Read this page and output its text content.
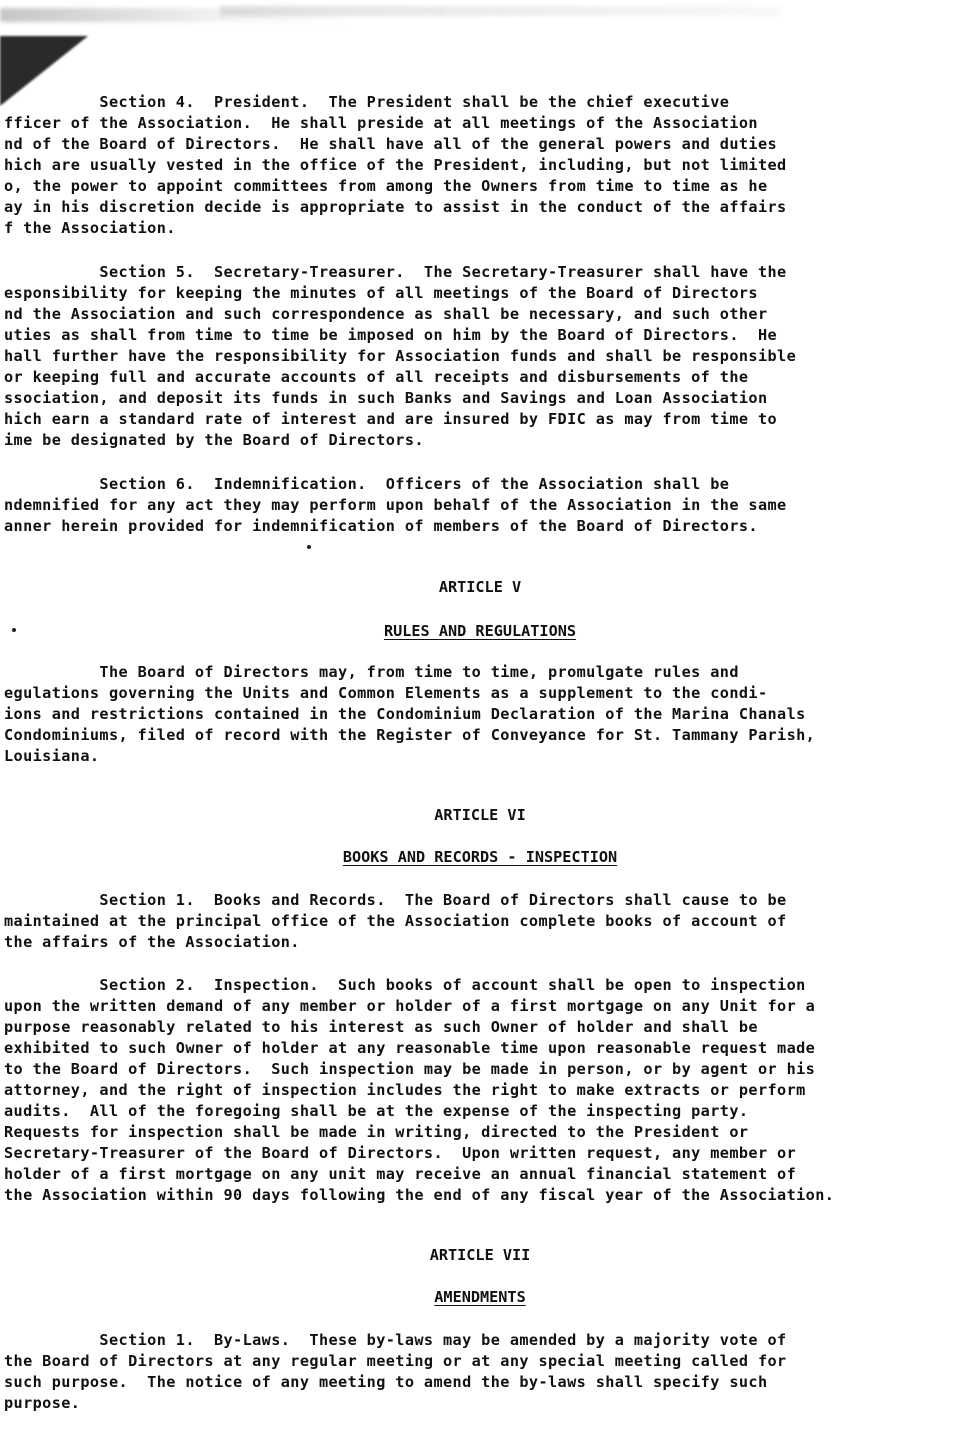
Section 4.  President.  The President shall be the chief executive
fficer of the Association.  He shall preside at all meetings of the Association
nd of the Board of Directors.  He shall have all of the general powers and duties
hich are usually vested in the office of the President, including, but not limited
o, the power to appoint committees from among the Owners from time to time as he
ay in his discretion decide is appropriate to assist in the conduct of the affairs
f the Association.
Section 5.  Secretary-Treasurer.  The Secretary-Treasurer shall have the
esponsibility for keeping the minutes of all meetings of the Board of Directors
nd the Association and such correspondence as shall be necessary, and such other
uties as shall from time to time be imposed on him by the Board of Directors.  He
hall further have the responsibility for Association funds and shall be responsible
or keeping full and accurate accounts of all receipts and disbursements of the
ssociation, and deposit its funds in such Banks and Savings and Loan Association
hich earn a standard rate of interest and are insured by FDIC as may from time to
ime be designated by the Board of Directors.
Section 6.  Indemnification.  Officers of the Association shall be
ndemnified for any act they may perform upon behalf of the Association in the same
anner herein provided for indemnification of members of the Board of Directors.
ARTICLE V
RULES AND REGULATIONS
The Board of Directors may, from time to time, promulgate rules and
egulations governing the Units and Common Elements as a supplement to the condi-
ions and restrictions contained in the Condominium Declaration of the Marina Chanals
Condominiums, filed of record with the Register of Conveyance for St. Tammany Parish,
Louisiana.
ARTICLE VI
BOOKS AND RECORDS - INSPECTION
Section 1.  Books and Records.  The Board of Directors shall cause to be
maintained at the principal office of the Association complete books of account of
the affairs of the Association.
Section 2.  Inspection.  Such books of account shall be open to inspection
upon the written demand of any member or holder of a first mortgage on any Unit for a
purpose reasonably related to his interest as such Owner of holder and shall be
exhibited to such Owner of holder at any reasonable time upon reasonable request made
to the Board of Directors.  Such inspection may be made in person, or by agent or his
attorney, and the right of inspection includes the right to make extracts or perform
audits.  All of the foregoing shall be at the expense of the inspecting party.
Requests for inspection shall be made in writing, directed to the President or
Secretary-Treasurer of the Board of Directors.  Upon written request, any member or
holder of a first mortgage on any unit may receive an annual financial statement of
the Association within 90 days following the end of any fiscal year of the Association.
ARTICLE VII
AMENDMENTS
Section 1.  By-Laws.  These by-laws may be amended by a majority vote of
the Board of Directors at any regular meeting or at any special meeting called for
such purpose.  The notice of any meeting to amend the by-laws shall specify such
purpose.
